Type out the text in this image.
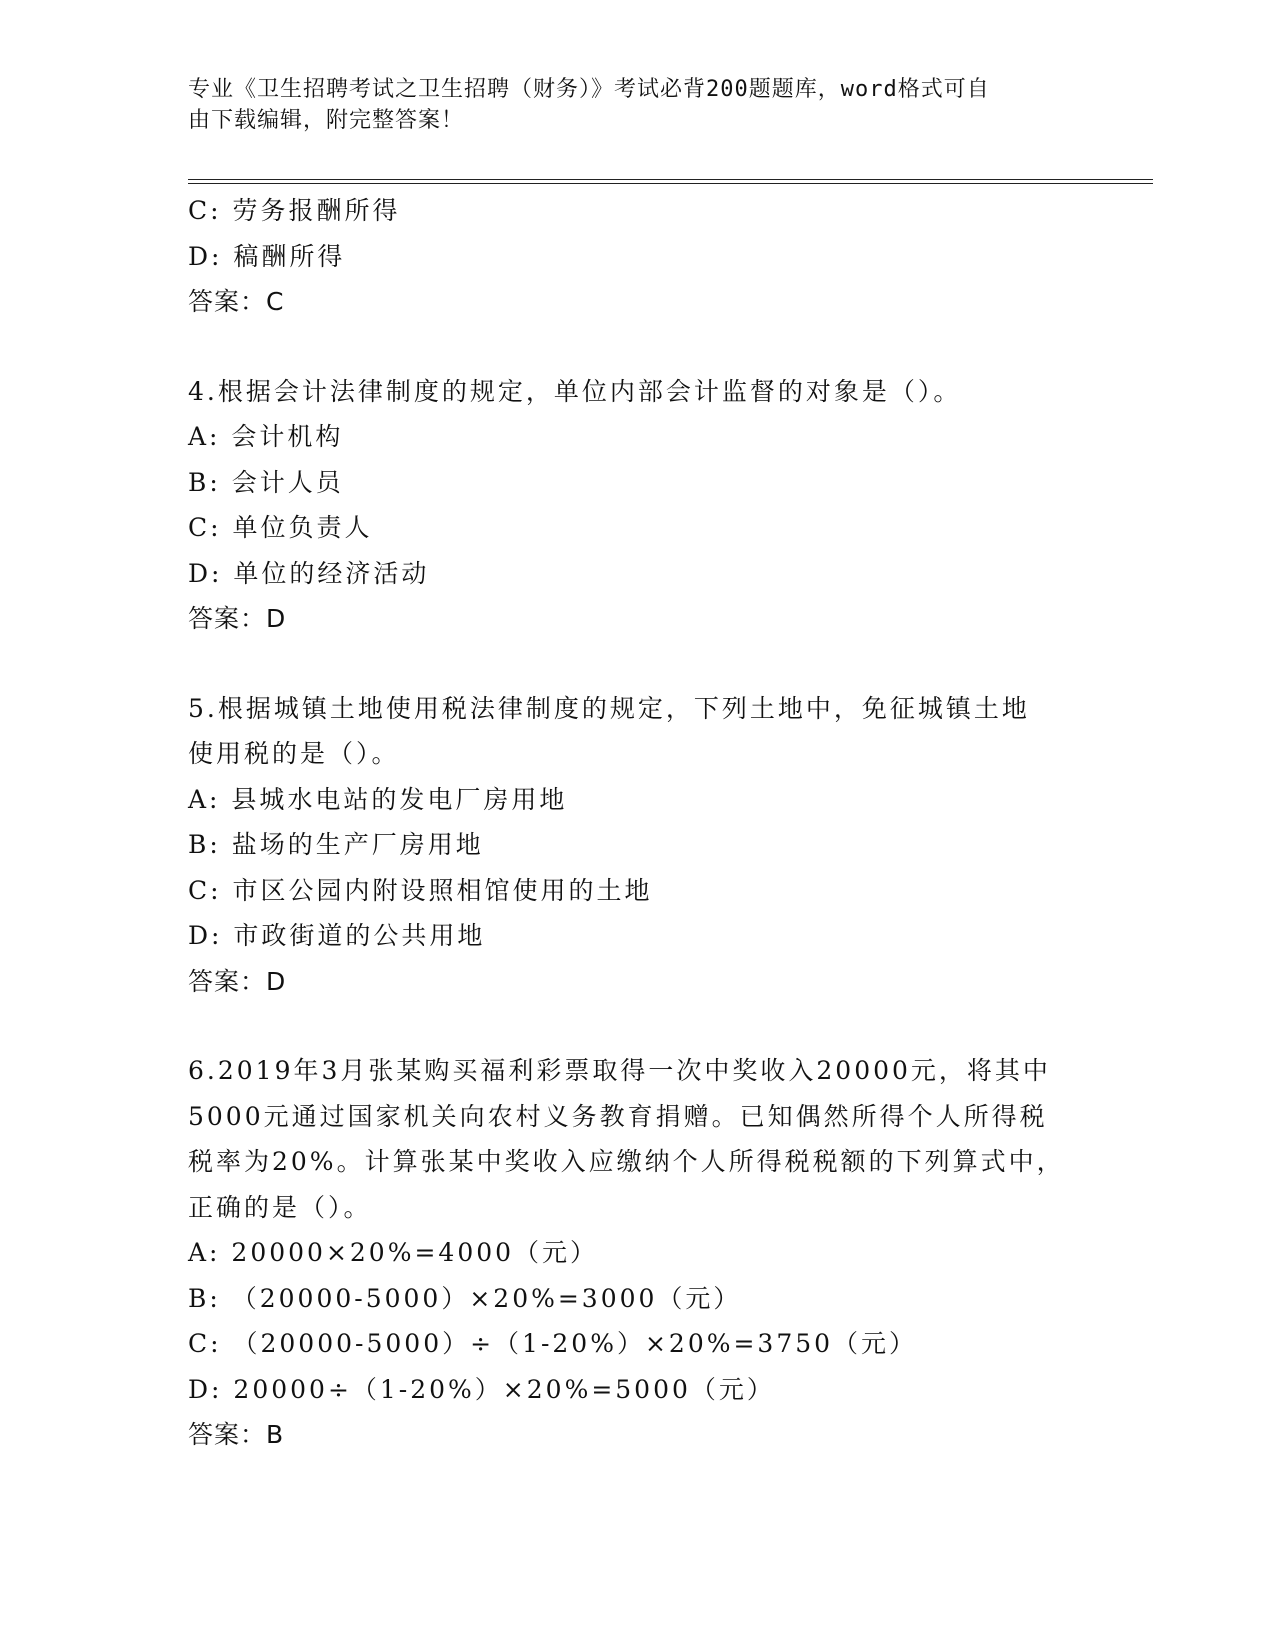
专业《卫生招聘考试之卫生招聘（财务）》考试必背200题题库，word格式可自
由下载编辑，附完整答案！
C: 劳务报酬所得
D: 稿酬所得
答案：C
4.根据会计法律制度的规定，单位内部会计监督的对象是（）。
A: 会计机构
B: 会计人员
C: 单位负责人
D: 单位的经济活动
答案：D
5.根据城镇土地使用税法律制度的规定，下列土地中，免征城镇土地
使用税的是（）。
A: 县城水电站的发电厂房用地
B: 盐场的生产厂房用地
C: 市区公园内附设照相馆使用的土地
D: 市政街道的公共用地
答案：D
6.2019年3月张某购买福利彩票取得一次中奖收入20000元，将其中
5000元通过国家机关向农村义务教育捐赠。已知偶然所得个人所得税
税率为20%。计算张某中奖收入应缴纳个人所得税税额的下列算式中，
正确的是（）。
A: 20000×20%=4000（元）
B: （20000-5000）×20%=3000（元）
C: （20000-5000）÷（1-20%）×20%=3750（元）
D: 20000÷（1-20%）×20%=5000（元）
答案：B
